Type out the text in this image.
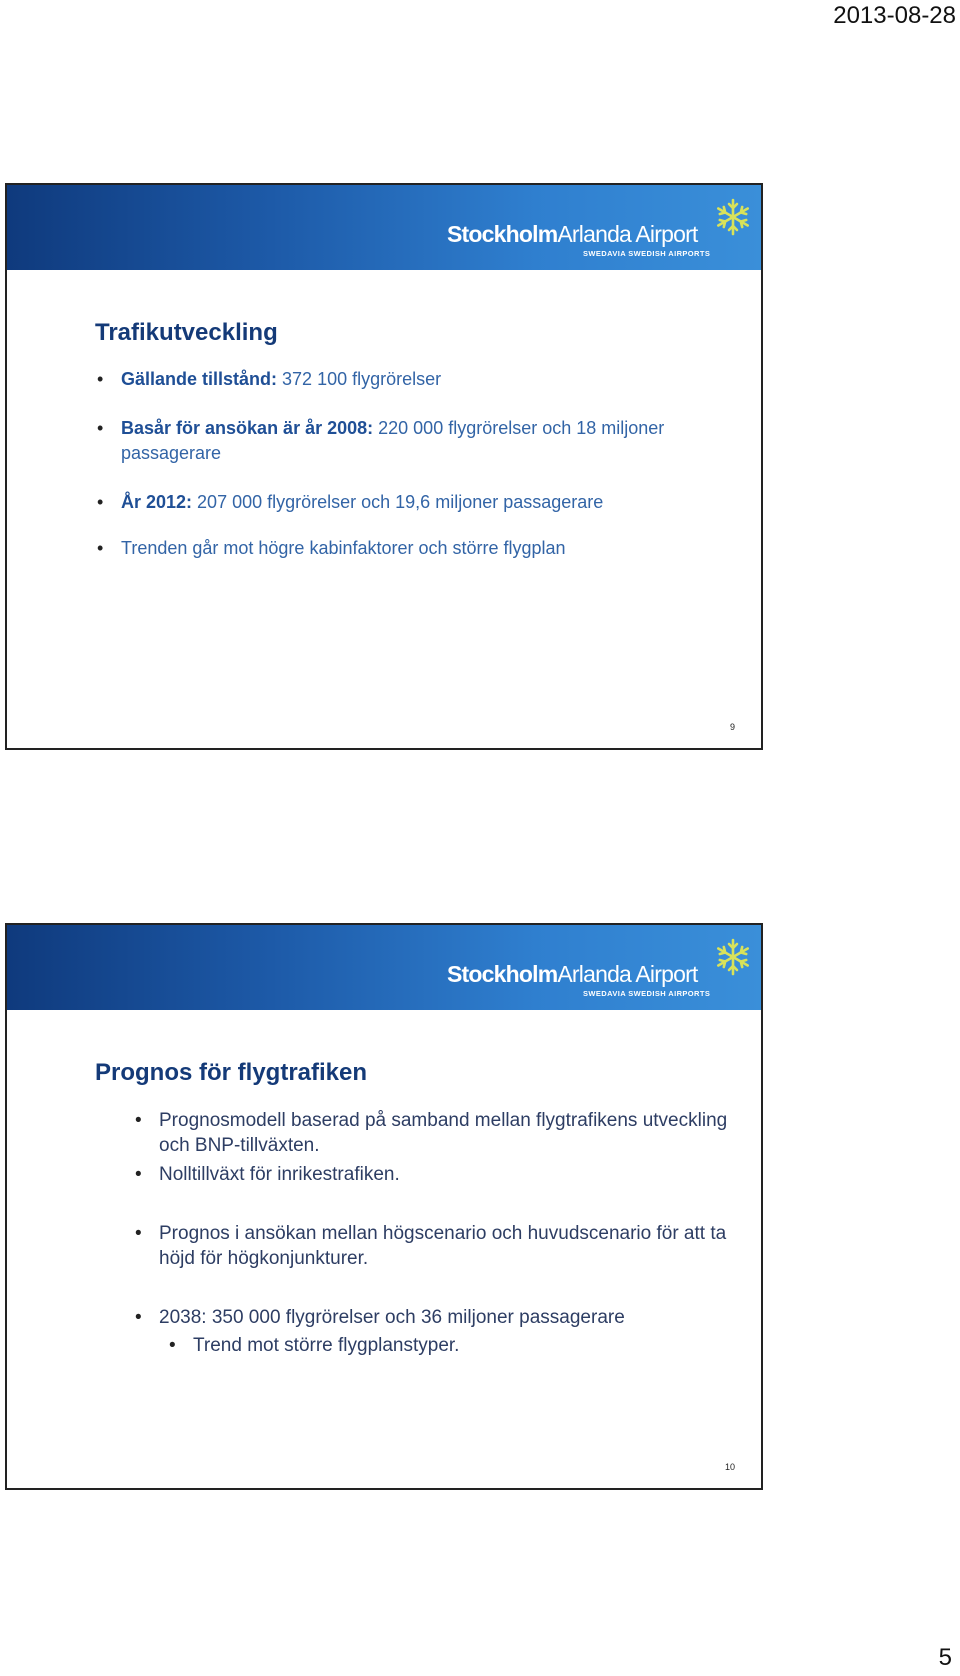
2013-08-28
StockholmArlanda Airport
SWEDAVIA SWEDISH AIRPORTS
Trafikutveckling
• Gällande tillstånd: 372 100 flygrörelser
• Basår för ansökan är år 2008: 220 000 flygrörelser och 18 miljoner passagerare
• År 2012: 207 000 flygrörelser och 19,6 miljoner passagerare
• Trenden går mot högre kabinfaktorer och större flygplan
9
StockholmArlanda Airport
SWEDAVIA SWEDISH AIRPORTS
Prognos för flygtrafiken
• Prognosmodell baserad på samband mellan flygtrafikens utveckling och BNP-tillväxten.
• Nolltillväxt för inrikestrafiken.
• Prognos i ansökan mellan högscenario och huvudscenario för att ta höjd för högkonjunkturer.
• 2038: 350 000 flygrörelser och 36 miljoner passagerare
• Trend mot större flygplanstyper.
10
5
